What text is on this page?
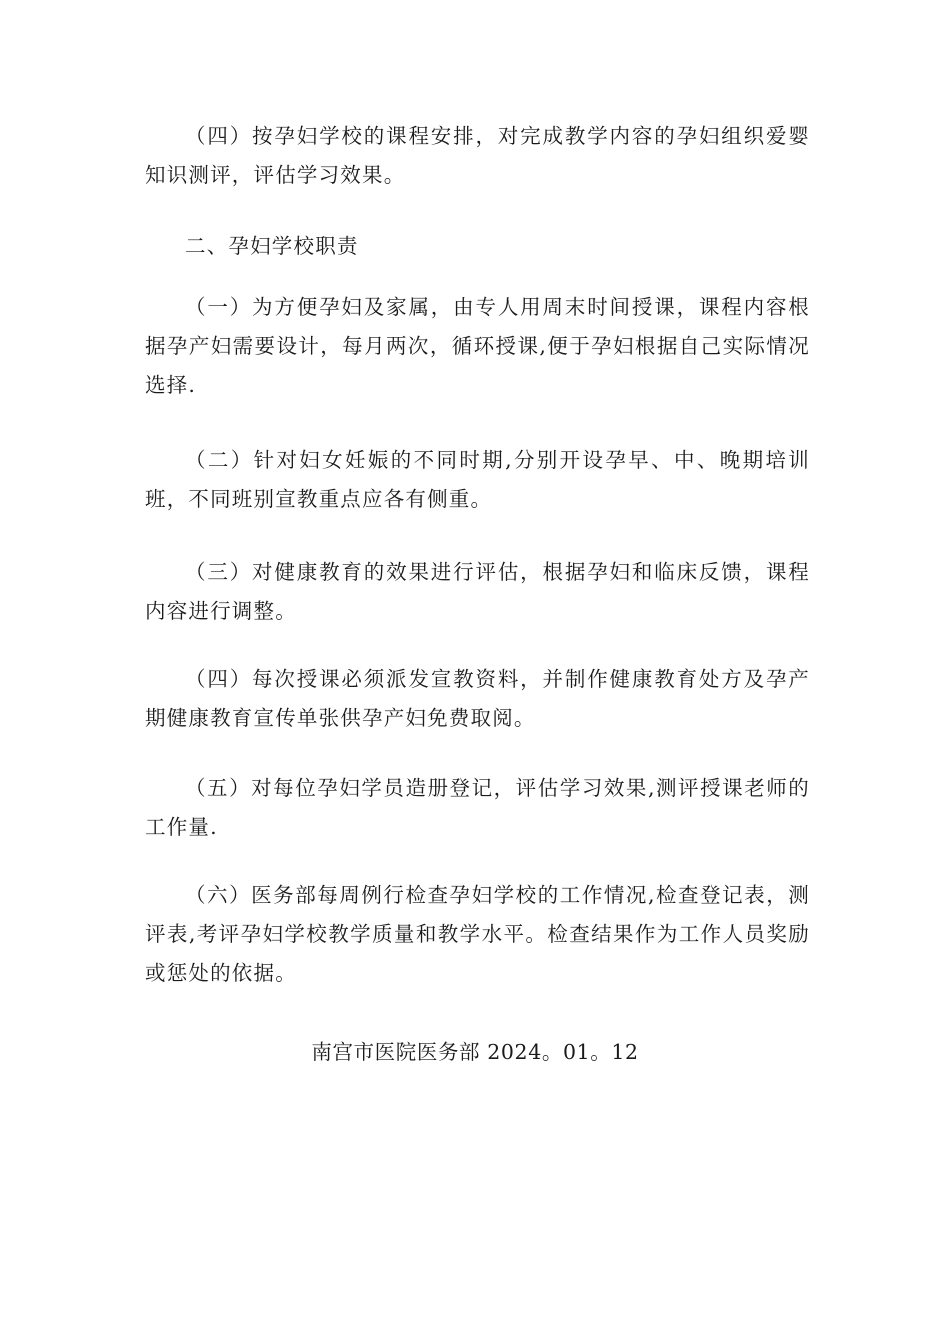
（四）按孕妇学校的课程安排，对完成教学内容的孕妇组织爱婴知识测评，评估学习效果。

二、孕妇学校职责

（一）为方便孕妇及家属，由专人用周末时间授课，课程内容根据孕产妇需要设计，每月两次，循环授课,便于孕妇根据自己实际情况选择.

（二）针对妇女妊娠的不同时期,分别开设孕早、中、晚期培训班，不同班别宣教重点应各有侧重。

（三）对健康教育的效果进行评估，根据孕妇和临床反馈，课程内容进行调整。

（四）每次授课必须派发宣教资料，并制作健康教育处方及孕产期健康教育宣传单张供孕产妇免费取阅。

（五）对每位孕妇学员造册登记，评估学习效果,测评授课老师的工作量.

（六）医务部每周例行检查孕妇学校的工作情况,检查登记表，测评表,考评孕妇学校教学质量和教学水平。检查结果作为工作人员奖励或惩处的依据。

南宫市医院医务部 2024。01。12
